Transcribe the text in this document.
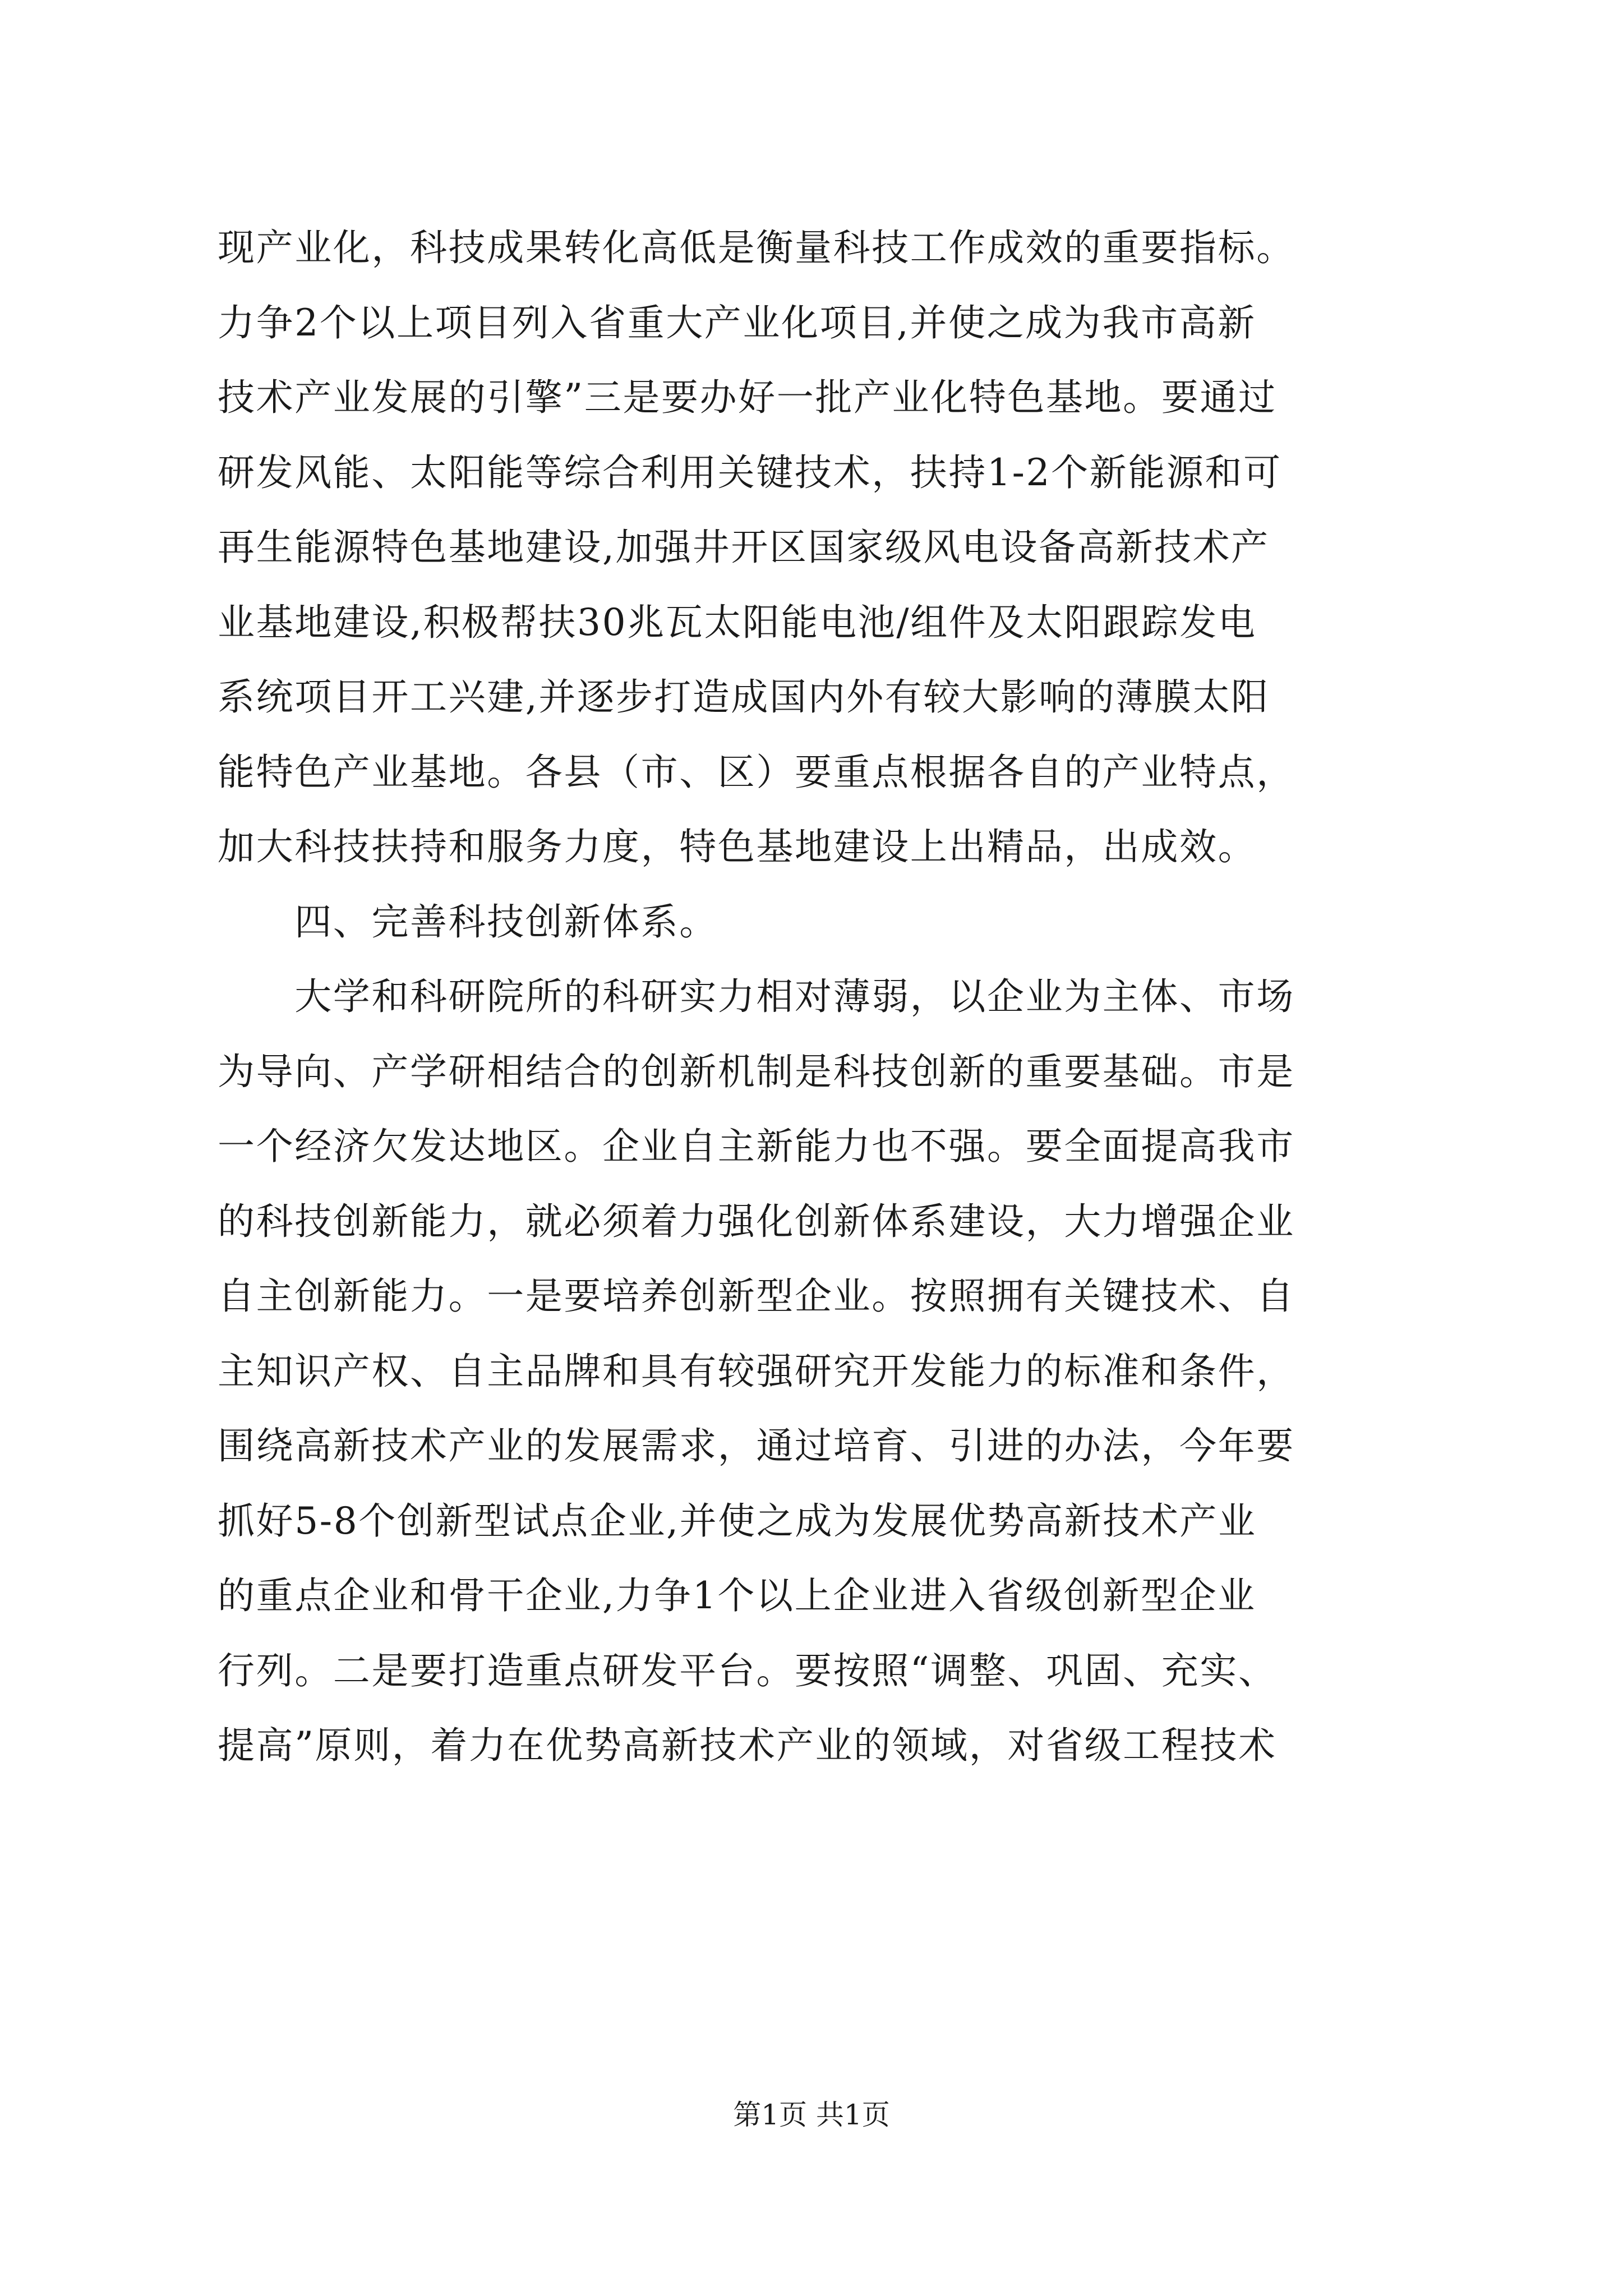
现产业化，科技成果转化高低是衡量科技工作成效的重要指标。
力争2个以上项目列入省重大产业化项目,并使之成为我市高新
技术产业发展的引擎”三是要办好一批产业化特色基地。要通过
研发风能、太阳能等综合利用关键技术，扶持1-2个新能源和可
再生能源特色基地建设,加强井开区国家级风电设备高新技术产
业基地建设,积极帮扶30兆瓦太阳能电池/组件及太阳跟踪发电
系统项目开工兴建,并逐步打造成国内外有较大影响的薄膜太阳
能特色产业基地。各县（市、区）要重点根据各自的产业特点，
加大科技扶持和服务力度，特色基地建设上出精品，出成效。
　　四、完善科技创新体系。
　　大学和科研院所的科研实力相对薄弱，以企业为主体、市场
为导向、产学研相结合的创新机制是科技创新的重要基础。市是
一个经济欠发达地区。企业自主新能力也不强。要全面提高我市
的科技创新能力，就必须着力强化创新体系建设，大力增强企业
自主创新能力。一是要培养创新型企业。按照拥有关键技术、自
主知识产权、自主品牌和具有较强研究开发能力的标准和条件，
围绕高新技术产业的发展需求，通过培育、引进的办法，今年要
抓好5-8个创新型试点企业,并使之成为发展优势高新技术产业
的重点企业和骨干企业,力争1个以上企业进入省级创新型企业
行列。二是要打造重点研发平台。要按照“调整、巩固、充实、
提高”原则，着力在优势高新技术产业的领域，对省级工程技术
第1页 共1页
